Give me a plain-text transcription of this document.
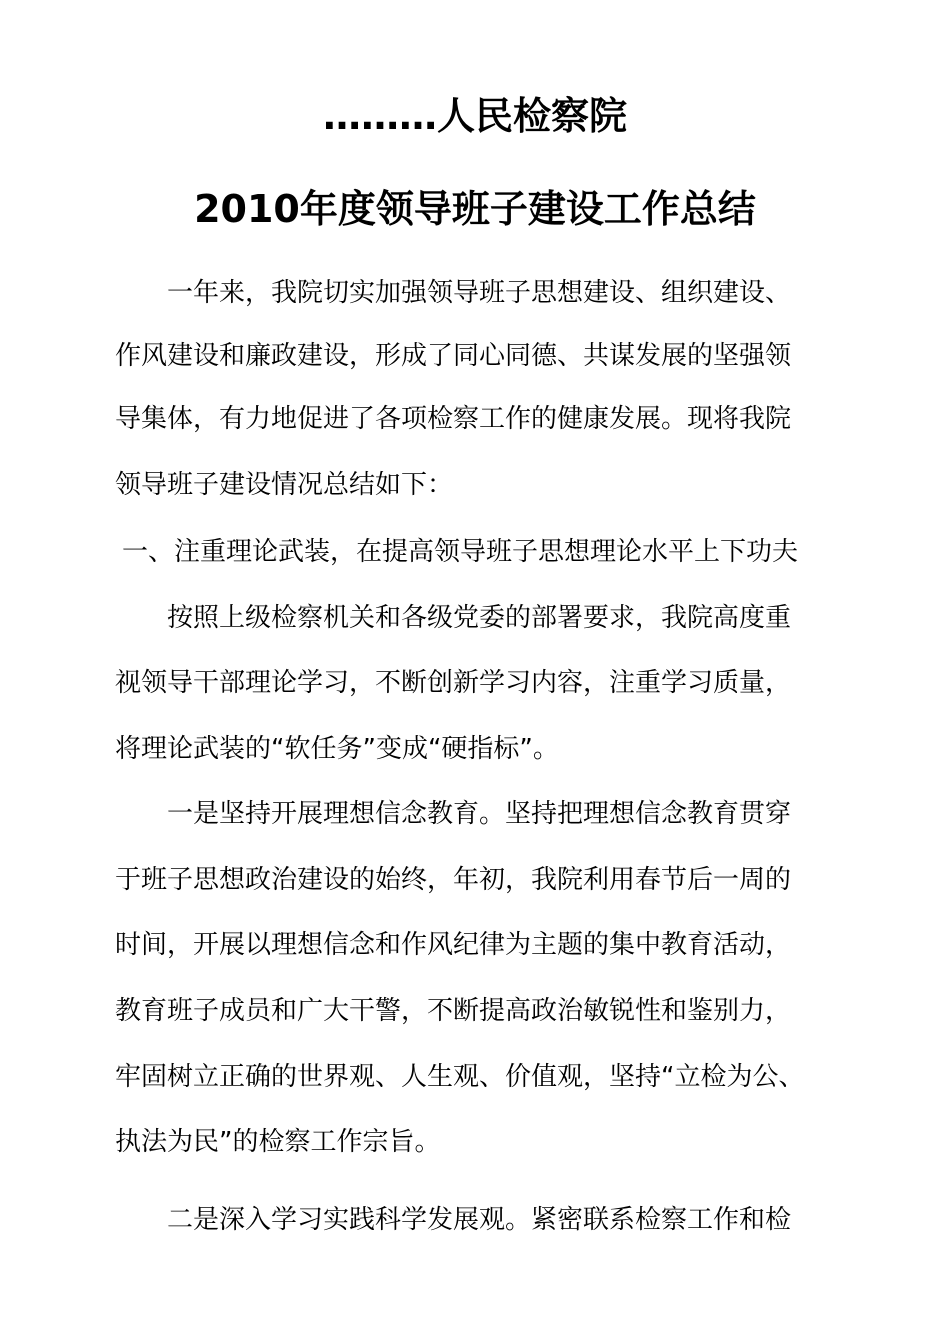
………人民检察院
2010年度领导班子建设工作总结
一年来，我院切实加强领导班子思想建设、组织建设、
作风建设和廉政建设，形成了同心同德、共谋发展的坚强领
导集体，有力地促进了各项检察工作的健康发展。现将我院
领导班子建设情况总结如下：
一、注重理论武装，在提高领导班子思想理论水平上下功夫
按照上级检察机关和各级党委的部署要求，我院高度重
视领导干部理论学习，不断创新学习内容，注重学习质量，
将理论武装的“软任务”变成“硬指标”。
一是坚持开展理想信念教育。坚持把理想信念教育贯穿
于班子思想政治建设的始终，年初，我院利用春节后一周的
时间，开展以理想信念和作风纪律为主题的集中教育活动，
教育班子成员和广大干警，不断提高政治敏锐性和鉴别力，
牢固树立正确的世界观、人生观、价值观，坚持“立检为公、
执法为民”的检察工作宗旨。
二是深入学习实践科学发展观。紧密联系检察工作和检
